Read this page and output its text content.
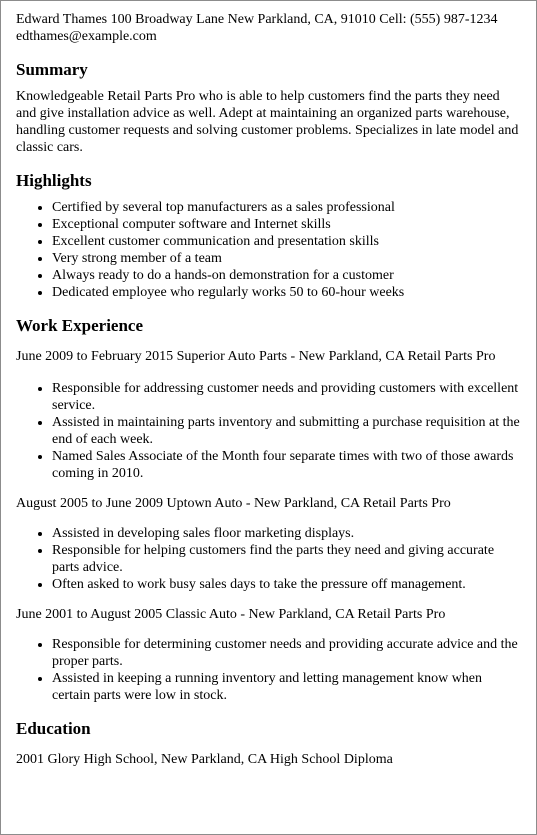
Edward Thames 100 Broadway Lane New Parkland, CA, 91010 Cell: (555) 987-1234

edthames@example.com

Summary

Knowledgeable Retail Parts Pro who is able to help customers find the parts they need and give installation advice as well. Adept at maintaining an organized parts warehouse, handling customer requests and solving customer problems. Specializes in late model and classic cars.

Highlights
• Certified by several top manufacturers as a sales professional
• Exceptional computer software and Internet skills
• Excellent customer communication and presentation skills
• Very strong member of a team
• Always ready to do a hands-on demonstration for a customer
• Dedicated employee who regularly works 50 to 60-hour weeks
Work Experience

June 2009 to February 2015 Superior Auto Parts - New Parkland, CA Retail Parts Pro

• Responsible for addressing customer needs and providing customers with excellent service.
• Assisted in maintaining parts inventory and submitting a purchase requisition at the end of each week.
• Named Sales Associate of the Month four separate times with two of those awards coming in 2010.

August 2005 to June 2009 Uptown Auto - New Parkland, CA Retail Parts Pro

• Assisted in developing sales floor marketing displays.
• Responsible for helping customers find the parts they need and giving accurate parts advice.
• Often asked to work busy sales days to take the pressure off management.

June 2001 to August 2005 Classic Auto - New Parkland, CA Retail Parts Pro

• Responsible for determining customer needs and providing accurate advice and the proper parts.
• Assisted in keeping a running inventory and letting management know when certain parts were low in stock.
Education

2001 Glory High School, New Parkland, CA High School Diploma
